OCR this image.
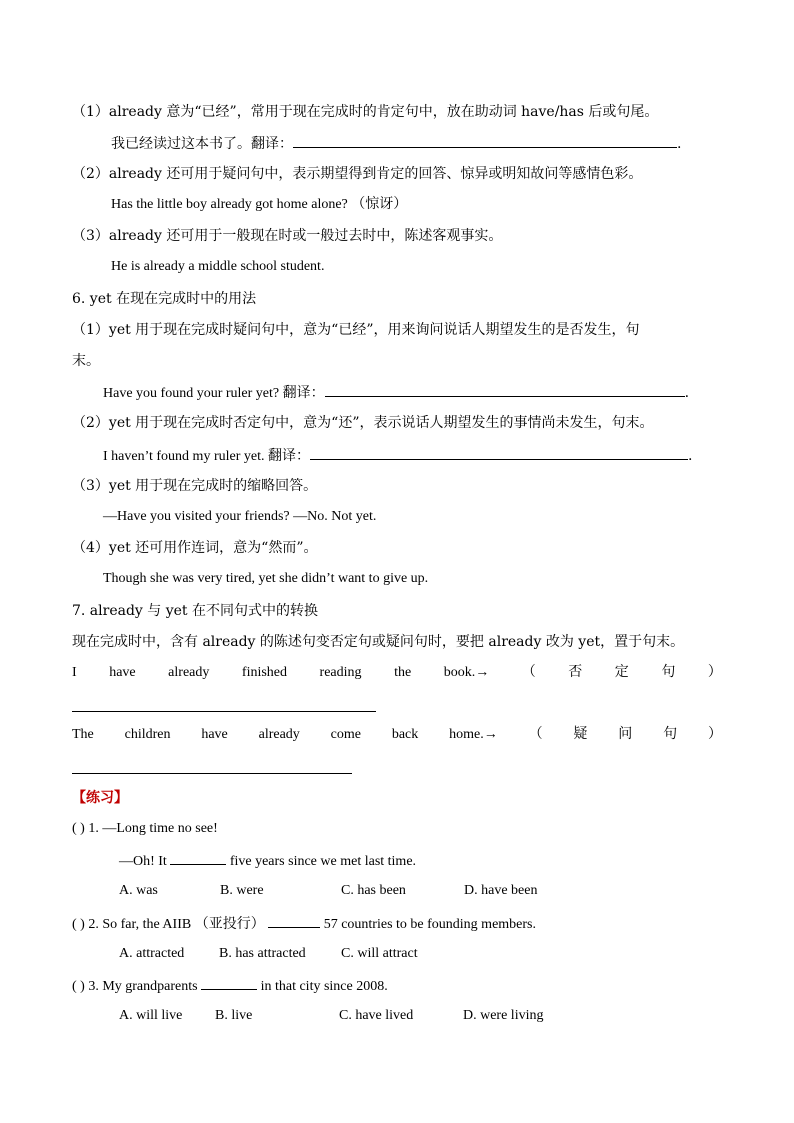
（1）already 意为“已经”，常用于现在完成时的肯定句中，放在助动词 have/has 后或句尾。
我已经读过这本书了。翻译：	.
（2）already 还可用于疑问句中，表示期望得到肯定的回答、惊异或明知故问等感情色彩。
Has the little boy already got home alone? （惊讶）
（3）already 还可用于一般现在时或一般过去时中，陈述客观事实。
He is already a middle school student.
6. yet 在现在完成时中的用法
（1）yet 用于现在完成时疑问句中，意为“已经”，用来询问说话人期望发生的是否发生，句
末。
Have you found your ruler yet? 翻译：	.
（2）yet 用于现在完成时否定句中，意为“还”，表示说话人期望发生的事情尚未发生，句末。
I haven’t found my ruler yet. 翻译：	.
（3）yet 用于现在完成时的缩略回答。
—Have you visited your friends? —No. Not yet.
（4）yet 还可用作连词，意为“然而”。
Though she was very tired, yet she didn’t want to give up.
7. already 与 yet 在不同句式中的转换
现在完成时中，含有 already 的陈述句变否定句或疑问句时，要把 already 改为 yet，置于句末。
I have already finished reading the book.→ （ 否 定 句 ）
The children have already come back home.→ （ 疑 问 句 ）
【练习】
( ) 1. —Long time no see!
—Oh! It	five years since we met last time.
A. was	B. were	C. has been	D. have been
( ) 2. So far, the AIIB （亚投行）	57 countries to be founding members.
A. attracted B. has attracted	C. will attract
( ) 3. My grandparents	in that city since 2008.
A. will live B. live	C. have lived	D. were living
